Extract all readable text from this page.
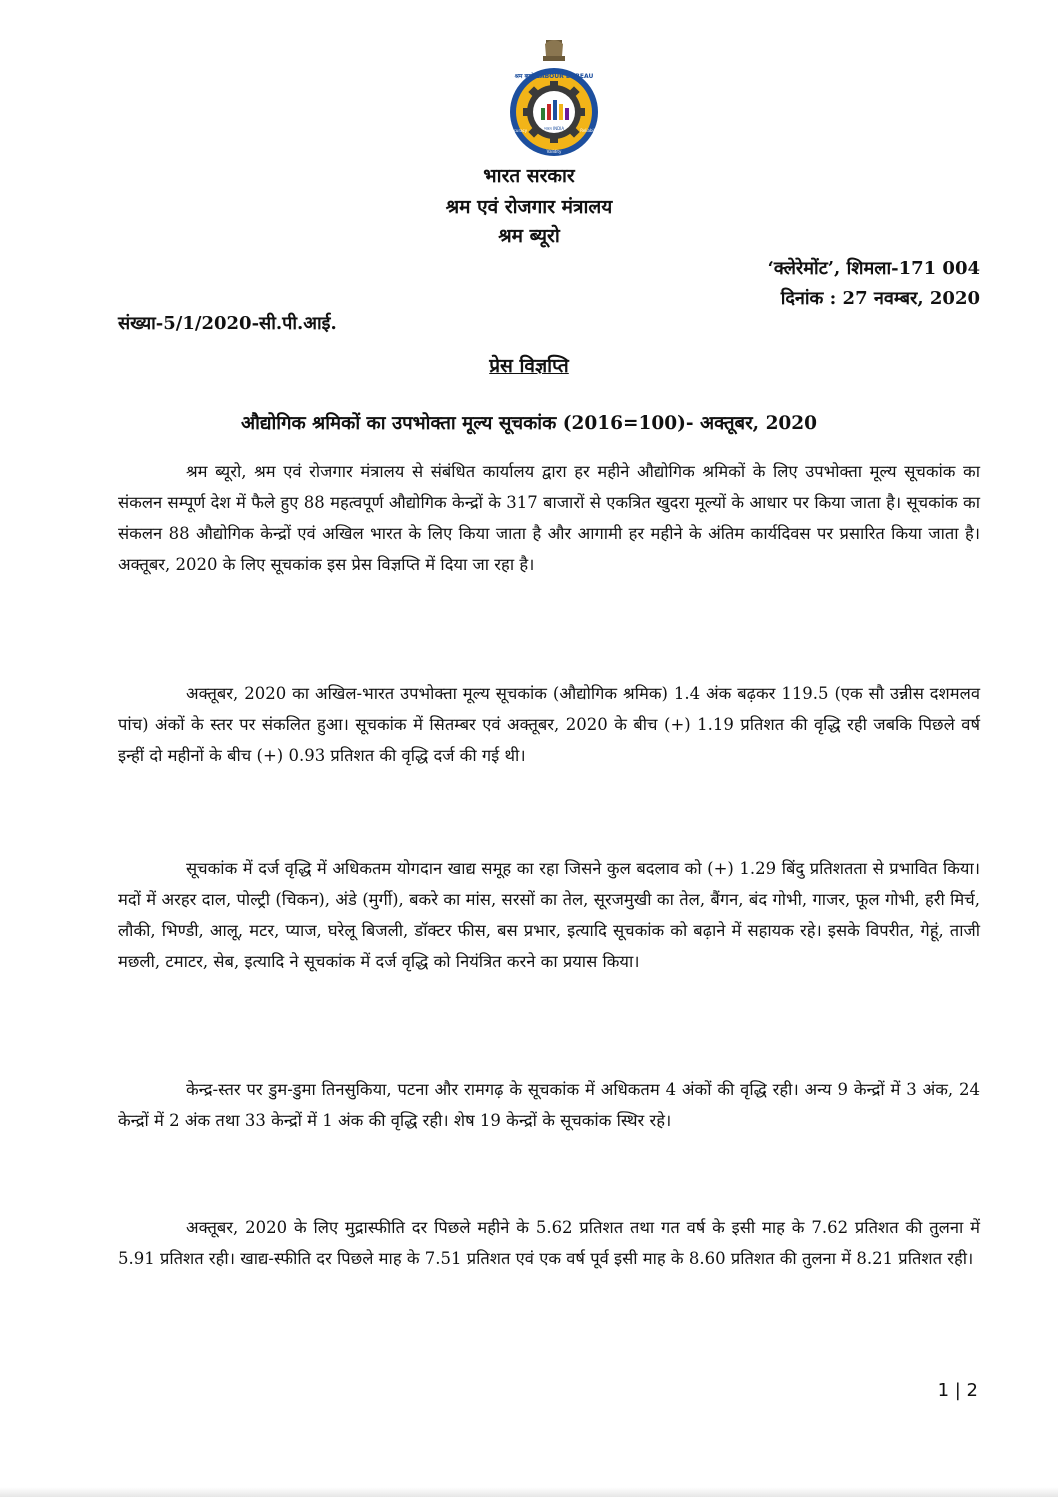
श्रम ब्यूरो LABOUR BUREAU
भारत INDIA
Accuracy
Validity
Reliability
भारत सरकार
श्रम एवं रोजगार मंत्रालय
श्रम ब्यूरो
‘क्लेरेमोंट’, शिमला-171 004
दिनांक : 27 नवम्बर, 2020
संख्या-5/1/2020-सी.पी.आई.
प्रेस विज्ञप्ति
औद्योगिक श्रमिकों का उपभोक्ता मूल्य सूचकांक (2016=100)- अक्तूबर, 2020

श्रम ब्यूरो, श्रम एवं रोजगार मंत्रालय से संबंधित कार्यालय द्वारा हर महीने औद्योगिक श्रमिकों के लिए उपभोक्ता मूल्य सूचकांक का संकलन सम्पूर्ण देश में फैले हुए 88 महत्वपूर्ण औद्योगिक केन्द्रों के 317 बाजारों से एकत्रित खुदरा मूल्यों के आधार पर किया जाता है। सूचकांक का संकलन 88 औद्योगिक केन्द्रों एवं अखिल भारत के लिए किया जाता है और आगामी हर महीने के अंतिम कार्यदिवस पर प्रसारित किया जाता है। अक्तूबर, 2020 के लिए सूचकांक इस प्रेस विज्ञप्ति में दिया जा रहा है।

अक्तूबर, 2020 का अखिल-भारत उपभोक्ता मूल्य सूचकांक (औद्योगिक श्रमिक) 1.4 अंक बढ़कर 119.5 (एक सौ उन्नीस दशमलव पांच) अंकों के स्तर पर संकलित हुआ। सूचकांक में सितम्बर एवं अक्तूबर, 2020 के बीच (+) 1.19 प्रतिशत की वृद्धि रही जबकि पिछले वर्ष इन्हीं दो महीनों के बीच (+) 0.93 प्रतिशत की वृद्धि दर्ज की गई थी।

सूचकांक में दर्ज वृद्धि में अधिकतम योगदान खाद्य समूह का रहा जिसने कुल बदलाव को (+) 1.29 बिंदु प्रतिशतता से प्रभावित किया। मदों में अरहर दाल, पोल्ट्री (चिकन), अंडे (मुर्गी), बकरे का मांस, सरसों का तेल, सूरजमुखी का तेल, बैंगन, बंद गोभी, गाजर, फूल गोभी, हरी मिर्च, लौकी, भिण्डी, आलू, मटर, प्याज, घरेलू बिजली, डॉक्टर फीस, बस प्रभार, इत्यादि सूचकांक को बढ़ाने में सहायक रहे। इसके विपरीत, गेहूं, ताजी मछली, टमाटर, सेब, इत्यादि ने सूचकांक में दर्ज वृद्धि को नियंत्रित करने का प्रयास किया।

केन्द्र-स्तर पर डुम-डुमा तिनसुकिया, पटना और रामगढ़ के सूचकांक में अधिकतम 4 अंकों की वृद्धि रही। अन्य 9 केन्द्रों में 3 अंक, 24 केन्द्रों में 2 अंक तथा 33 केन्द्रों में 1 अंक की वृद्धि रही। शेष 19 केन्द्रों के सूचकांक स्थिर रहे।

अक्तूबर, 2020 के लिए मुद्रास्फीति दर पिछले महीने के 5.62 प्रतिशत तथा गत वर्ष के इसी माह के 7.62 प्रतिशत की तुलना में 5.91 प्रतिशत रही। खाद्य-स्फीति दर पिछले माह के 7.51 प्रतिशत एवं एक वर्ष पूर्व इसी माह के 8.60 प्रतिशत की तुलना में 8.21 प्रतिशत रही।

1 | 2
